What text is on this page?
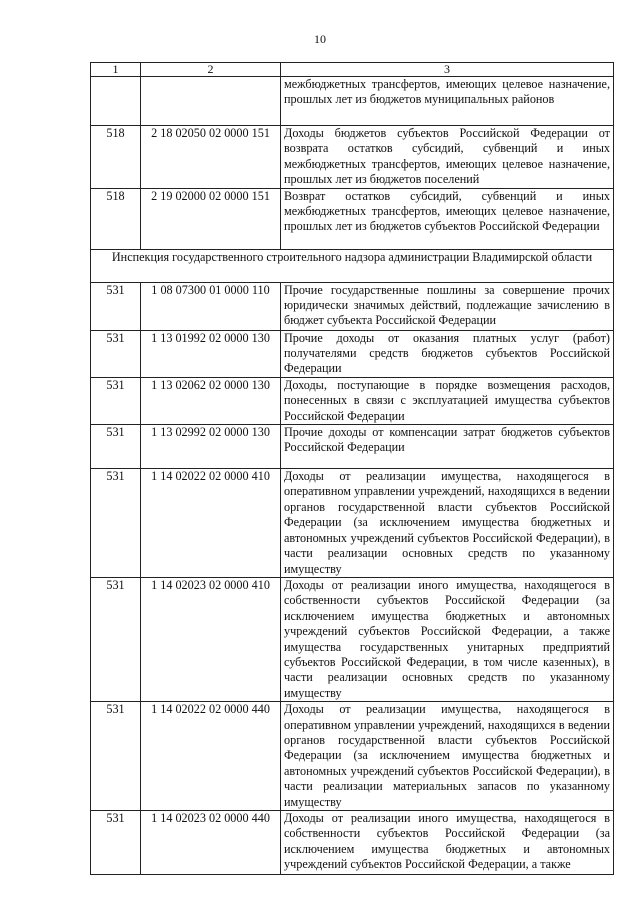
10
1	2	3
		межбюджетных трансфертов, имеющих целевое назначение, прошлых лет из бюджетов муниципальных районов
518	2 18 02050 02 0000 151	Доходы бюджетов субъектов Российской Федерации от возврата остатков субсидий, субвенций и иных межбюджетных трансфертов, имеющих целевое назначение, прошлых лет из бюджетов поселений
518	2 19 02000 02 0000 151	Возврат остатков субсидий, субвенций и иных межбюджетных трансфертов, имеющих целевое назначение, прошлых лет из бюджетов субъектов Российской Федерации
Инспекция государственного строительного надзора администрации Владимирской области		
531	1 08 07300 01 0000 110	Прочие государственные пошлины за совершение прочих юридически значимых действий, подлежащие зачислению в бюджет субъекта Российской Федерации
531	1 13 01992 02 0000 130	Прочие доходы от оказания платных услуг (работ) получателями средств бюджетов субъектов Российской Федерации
531	1 13 02062 02 0000 130	Доходы, поступающие в порядке возмещения расходов, понесенных в связи с эксплуатацией имущества субъектов Российской Федерации
531	1 13 02992 02 0000 130	Прочие доходы от компенсации затрат бюджетов субъектов Российской Федерации
531	1 14 02022 02 0000 410	Доходы от реализации имущества, находящегося в оперативном управлении учреждений, находящихся в ведении органов государственной власти субъектов Российской Федерации (за исключением имущества бюджетных и автономных учреждений субъектов Российской Федерации), в части реализации основных средств по указанному имуществу
531	1 14 02023 02 0000 410	Доходы от реализации иного имущества, находящегося в собственности субъектов Российской Федерации (за исключением имущества бюджетных и автономных учреждений субъектов Российской Федерации, а также имущества государственных унитарных предприятий субъектов Российской Федерации, в том числе казенных), в части реализации основных средств по указанному имуществу
531	1 14 02022 02 0000 440	Доходы от реализации имущества, находящегося в оперативном управлении учреждений, находящихся в ведении органов государственной власти субъектов Российской Федерации (за исключением имущества бюджетных и автономных учреждений субъектов Российской Федерации), в части реализации материальных запасов по указанному имуществу
531	1 14 02023 02 0000 440	Доходы от реализации иного имущества, находящегося в собственности субъектов Российской Федерации (за исключением имущества бюджетных и автономных учреждений субъектов Российской Федерации, а также
